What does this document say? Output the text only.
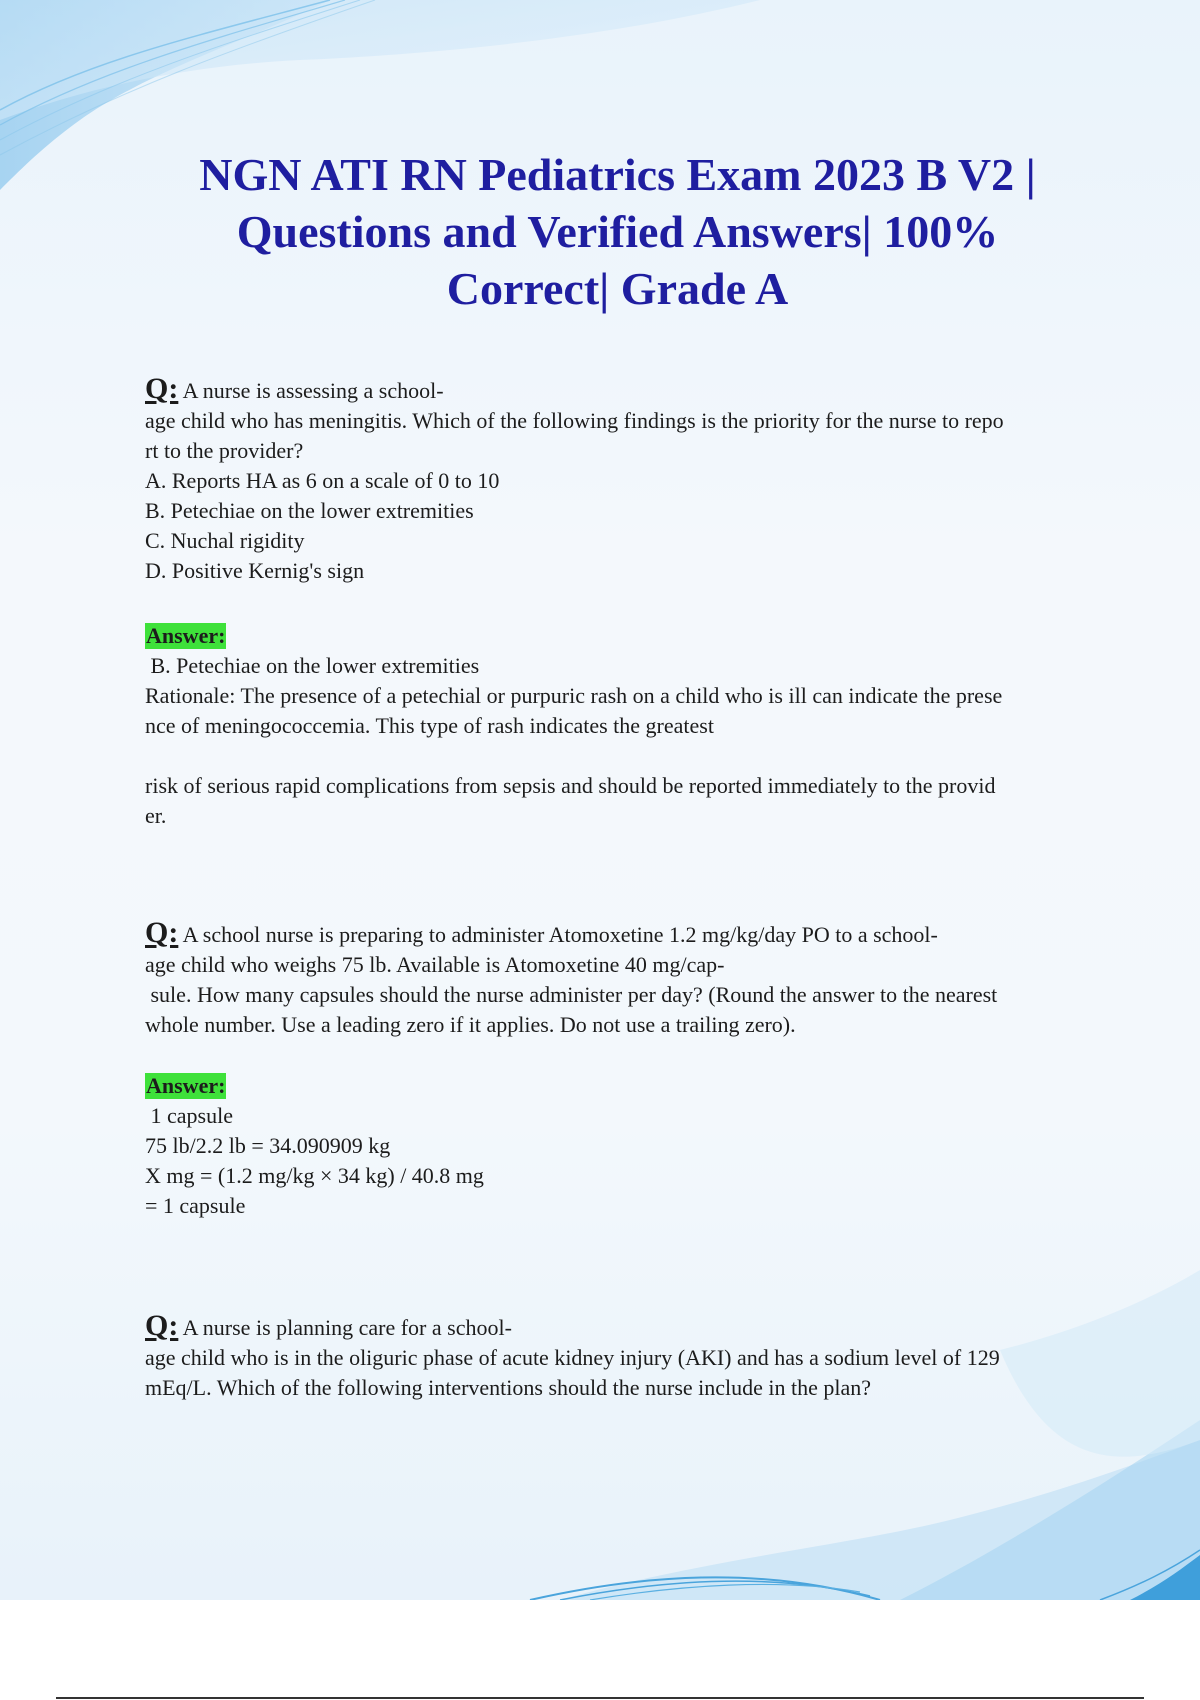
NGN ATI RN Pediatrics Exam 2023 B V2 |
Questions and Verified Answers| 100%
Correct| Grade A
Q: A nurse is assessing a school-
age child who has meningitis. Which of the following findings is the priority for the nurse to repo
rt to the provider?
A. Reports HA as 6 on a scale of 0 to 10
B. Petechiae on the lower extremities
C. Nuchal rigidity
D. Positive Kernig's sign
Answer:
B. Petechiae on the lower extremities
Rationale: The presence of a petechial or purpuric rash on a child who is ill can indicate the prese
nce of meningococcemia. This type of rash indicates the greatest
risk of serious rapid complications from sepsis and should be reported immediately to the provid
er.
Q: A school nurse is preparing to administer Atomoxetine 1.2 mg/kg/day PO to a school-
age child who weighs 75 lb. Available is Atomoxetine 40 mg/cap-
sule. How many capsules should the nurse administer per day? (Round the answer to the nearest
whole number. Use a leading zero if it applies. Do not use a trailing zero).
Answer:
1 capsule
75 lb/2.2 lb = 34.090909 kg
X mg = (1.2 mg/kg × 34 kg) / 40.8 mg
= 1 capsule
Q: A nurse is planning care for a school-
age child who is in the oliguric phase of acute kidney injury (AKI) and has a sodium level of 129
mEq/L. Which of the following interventions should the nurse include in the plan?
